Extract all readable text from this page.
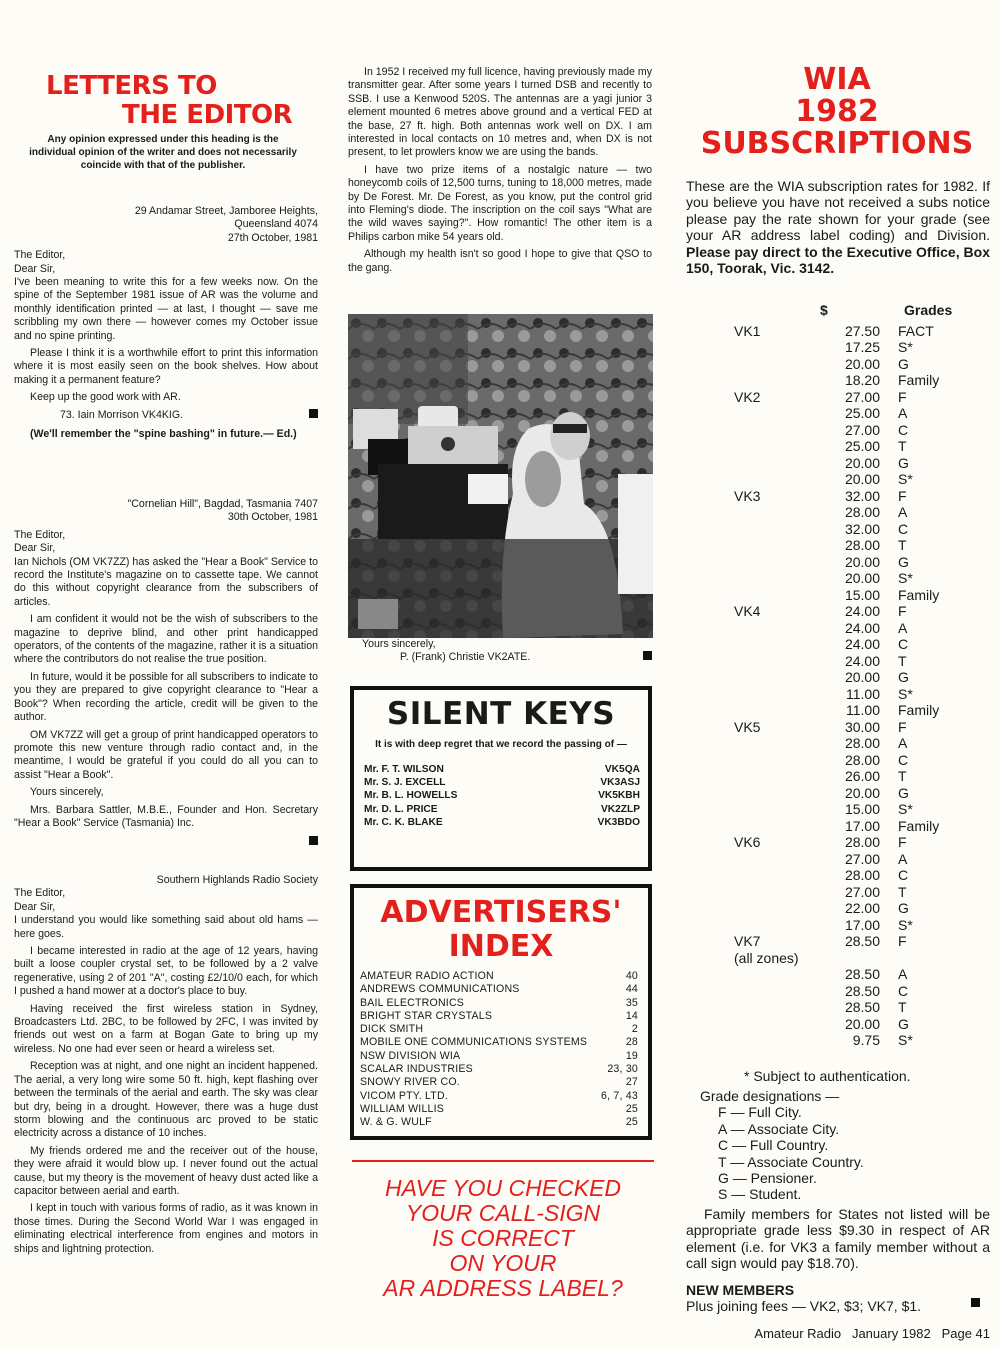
LETTERS TO
THE EDITOR

Any opinion expressed under this heading is the individual opinion of the writer and does not necessarily coincide with that of the publisher.

29 Andamar Street, Jamboree Heights,
Queensland 4074
27th October, 1981
The Editor,
Dear Sir,

I've been meaning to write this for a few weeks now. On the spine of the September 1981 issue of AR was the volume and monthly identification printed — at last, I thought — save me scribbling my own there — however comes my October issue and no spine printing.

Please I think it is a worthwhile effort to print this information where it is most easily seen on the book shelves. How about making it a permanent feature?

Keep up the good work with AR.

73. Iain Morrison VK4KIG.

(We'll remember the "spine bashing" in future.— Ed.)

"Cornelian Hill", Bagdad, Tasmania 7407
30th October, 1981
The Editor,
Dear Sir,

Ian Nichols (OM VK7ZZ) has asked the "Hear a Book" Service to record the Institute's magazine on to cassette tape. We cannot do this without copyright clearance from the subscribers of articles.

I am confident it would not be the wish of subscribers to the magazine to deprive blind, and other print handicapped operators, of the contents of the magazine, rather it is a situation where the contributors do not realise the true position.

In future, would it be possible for all subscribers to indicate to you they are prepared to give copyright clearance to "Hear a Book"? When recording the article, credit will be given to the author.

OM VK7ZZ will get a group of print handicapped operators to promote this new venture through radio contact and, in the meantime, I would be grateful if you could do all you can to assist "Hear a Book".

Yours sincerely,

Mrs. Barbara Sattler, M.B.E., Founder and Hon. Secretary "Hear a Book" Service (Tasmania) Inc.

Southern Highlands Radio Society
The Editor,
Dear Sir,

I understand you would like something said about old hams — here goes.

I became interested in radio at the age of 12 years, having built a loose coupler crystal set, to be followed by a 2 valve regenerative, using 2 of 201 "A", costing £2/10/0 each, for which I pushed a hand mower at a doctor's place to buy.

Having received the first wireless station in Sydney, Broadcasters Ltd. 2BC, to be followed by 2FC, I was invited by friends out west on a farm at Bogan Gate to bring up my wireless. No one had ever seen or heard a wireless set.

Reception was at night, and one night an incident happened. The aerial, a very long wire some 50 ft. high, kept flashing over between the terminals of the aerial and earth. The sky was clear but dry, being in a drought. However, there was a huge dust storm blowing and the continuous arc proved to be static electricity across a distance of 10 inches.

My friends ordered me and the receiver out of the house, they were afraid it would blow up. I never found out the actual cause, but my theory is the movement of heavy dust acted like a capacitor between aerial and earth.

I kept in touch with various forms of radio, as it was known in those times. During the Second World War I was engaged in eliminating electrical interference from engines and motors in ships and lightning protection.

In 1952 I received my full licence, having previously made my transmitter gear. After some years I turned DSB and recently to SSB. I use a Kenwood 520S. The antennas are a yagi junior 3 element mounted 6 metres above ground and a vertical FED at the base, 27 ft. high. Both antennas work well on DX. I am interested in local contacts on 10 metres and, when DX is not present, to let prowlers know we are using the bands.

I have two prize items of a nostalgic nature — two honeycomb coils of 12,500 turns, tuning to 18,000 metres, made by De Forest. Mr. De Forest, as you know, put the control grid into Fleming's diode. The inscription on the coil says "What are the wild waves saying?". How romantic! The other item is a Philips carbon mike 54 years old.

Although my health isn't so good I hope to give that QSO to the gang.

Yours sincerely,
P. (Frank) Christie VK2ATE.
SILENT KEYS
It is with deep regret that we record the passing of —
Mr. F. T. WILSON	VK5QA
Mr. S. J. EXCELL	VK3ASJ
Mr. B. L. HOWELLS	VK5KBH
Mr. D. L. PRICE	VK2ZLP
Mr. C. K. BLAKE	VK3BDO
ADVERTISERS'
INDEX
AMATEUR RADIO ACTION	40
ANDREWS COMMUNICATIONS	44
BAIL ELECTRONICS	35
BRIGHT STAR CRYSTALS	14
DICK SMITH	2
MOBILE ONE COMMUNICATIONS SYSTEMS	28
NSW DIVISION WIA	19
SCALAR INDUSTRIES	23, 30
SNOWY RIVER CO.	27
VICOM PTY. LTD.	6, 7, 43
WILLIAM WILLIS	25
W. & G. WULF	25
HAVE YOU CHECKED
YOUR CALL-SIGN
IS CORRECT
ON YOUR
AR ADDRESS LABEL?
WIA
1982
SUBSCRIPTIONS
These are the WIA subscription rates for 1982. If you believe you have not received a subs notice please pay the rate shown for your grade (see your AR address label coding) and Division. Please pay direct to the Executive Office, Box 150, Toorak, Vic. 3142.
$	Grades
VK1	27.50	FACT
17.25	S*
20.00	G
18.20	Family
VK2	27.00	F
25.00	A
27.00	C
25.00	T
20.00	G
20.00	S*
VK3	32.00	F
28.00	A
32.00	C
28.00	T
20.00	G
20.00	S*
15.00	Family
VK4	24.00	F
24.00	A
24.00	C
24.00	T
20.00	G
11.00	S*
11.00	Family
VK5	30.00	F
28.00	A
28.00	C
26.00	T
20.00	G
15.00	S*
17.00	Family
VK6	28.00	F
27.00	A
28.00	C
27.00	T
22.00	G
17.00	S*
VK7	28.50	F
(all zones)
28.50	A
28.50	C
28.50	T
20.00	G
9.75	S*
* Subject to authentication.
Grade designations —
F — Full City.
A — Associate City.
C — Full Country.
T — Associate Country.
G — Pensioner.
S — Student.
Family members for States not listed will be appropriate grade less $9.30 in respect of AR element (i.e. for VK3 a family member without a call sign would pay $18.70).
NEW MEMBERS
Plus joining fees — VK2, $3; VK7, $1.
Amateur Radio   January 1982   Page 41
